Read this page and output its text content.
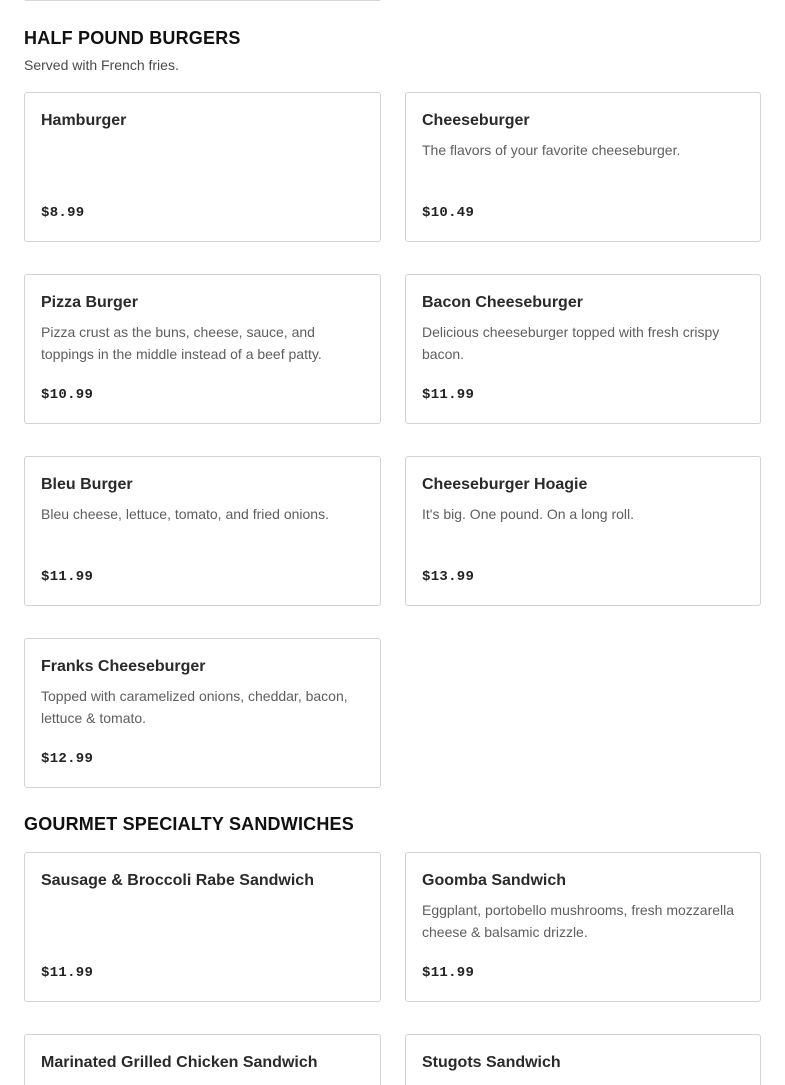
HALF POUND BURGERS

Served with French fries.

Hamburger
$8.99
Cheeseburger
The flavors of your favorite cheeseburger.
$10.49
Pizza Burger
Pizza crust as the buns, cheese, sauce, and toppings in the middle instead of a beef patty.
$10.99
Bacon Cheeseburger
Delicious cheeseburger topped with fresh crispy bacon.
$11.99
Bleu Burger
Bleu cheese, lettuce, tomato, and fried onions.
$11.99
Cheeseburger Hoagie
It's big. One pound. On a long roll.
$13.99
Franks Cheeseburger
Topped with caramelized onions, cheddar, bacon, lettuce & tomato.
$12.99
GOURMET SPECIALTY SANDWICHES
Sausage & Broccoli Rabe Sandwich
$11.99
Goomba Sandwich
Eggplant, portobello mushrooms, fresh mozzarella cheese & balsamic drizzle.
$11.99
Marinated Grilled Chicken Sandwich	Stugots Sandwich
